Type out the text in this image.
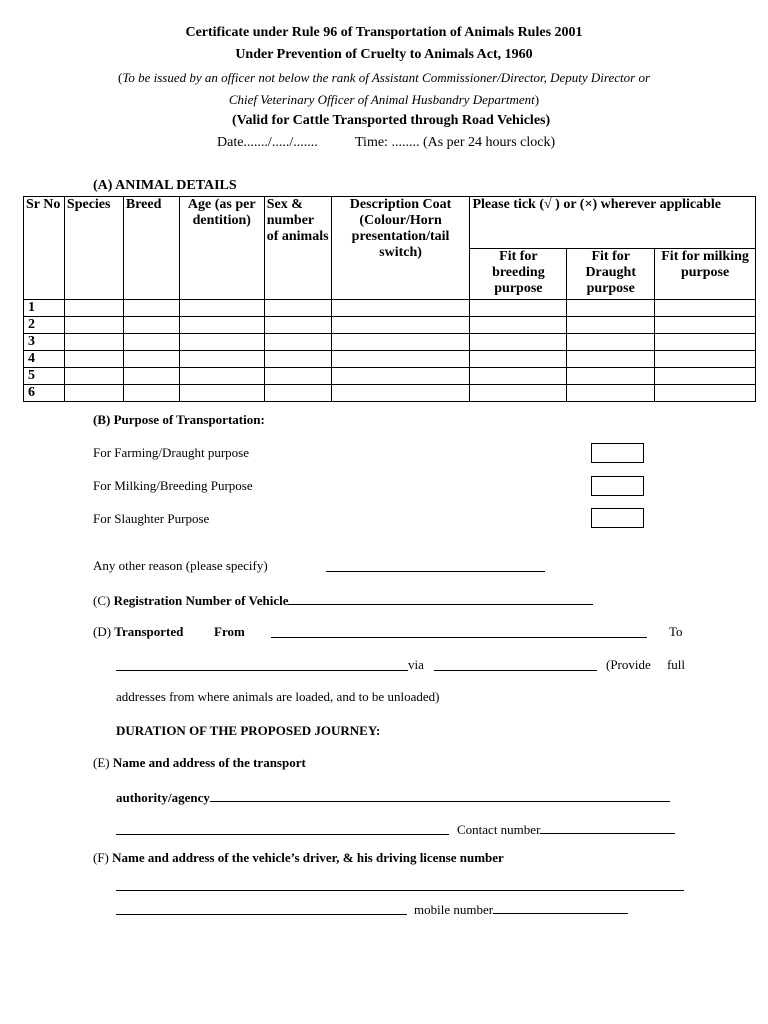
Certificate under Rule 96 of Transportation of Animals Rules 2001
Under Prevention of Cruelty to Animals Act, 1960
(To be issued by an officer not below the rank of Assistant Commissioner/Director, Deputy Director or
Chief Veterinary Officer of Animal Husbandry Department)
(Valid for Cattle Transported through Road Vehicles)
Date......./...../.......	Time: ........ (As per 24 hours clock)
(A) ANIMAL DETAILS
Sr No	Species	Breed	Age (as per dentition)	Sex & number of animals	Description Coat (Colour/Horn presentation/tail switch)	Please tick (√ ) or (×) wherever applicable		
						Fit for breeding purpose	Fit for Draught purpose	Fit for milking purpose
1								
2								
3								
4								
5								
6								
(B) Purpose of Transportation:
For Farming/Draught purpose
For Milking/Breeding Purpose
For Slaughter Purpose
Any other reason (please specify)
(C) Registration Number of Vehicle
(D) Transported From	To
via	(Provide full
addresses from where animals are loaded, and to be unloaded)
DURATION OF THE PROPOSED JOURNEY:
(E) Name and address of the transport
authority/agency
Contact number
(F) Name and address of the vehicle’s driver, & his driving license number
mobile number
